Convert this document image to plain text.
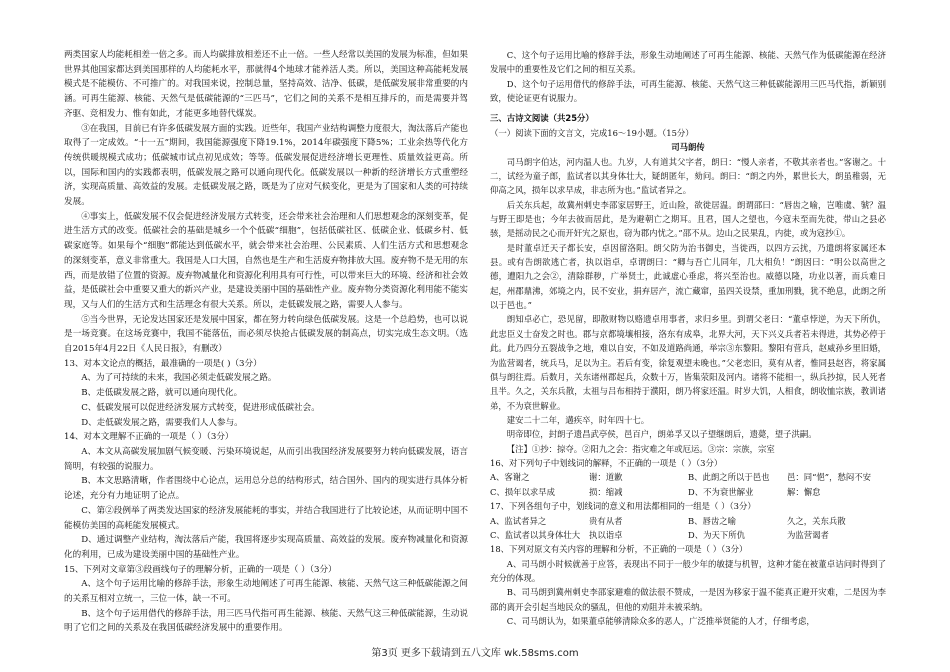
两类国家人均能耗相差一倍之多。而人均碳排放相差还不止一倍。一些人经常以美国的发展为标准，但如果世界其他国家都达到美国那样的人均能耗水平，那就得4个地球才能养活人类。所以，美国这种高能耗发展模式是不能模仿、不可推广的。对我国来说，控制总量，坚持高效、洁净、低碳，是低碳发展非常重要的内涵。可再生能源、核能、天然气是低碳能源的“三匹马”，它们之间的关系不是相互排斥的，而是需要并驾齐驱、竞相发力、惟有如此，才能更多地替代煤炭。

③在我国，目前已有许多低碳发展方面的实践。近些年，我国产业结构调整力度很大，淘汰落后产能也取得了一定成效。“十一五”期间，我国能源强度下降19.1%，2014年碳强度下降5%；工业余热等代化方传统供暖规模式成功；低碳城市试点初见成效；等等。低碳发展促进经济增长更理性、质量效益更高。所以，国际和国内的实践都表明，低碳发展之路可以通向现代化。低碳发展以一种新的经济增长方式重塑经济，实现高质量、高效益的发展。走低碳发展之路，既是为了应对气候变化，更是为了国家和人类的可持续发展。

④事实上，低碳发展不仅会促进经济发展方式转变，还会带来社会治理和人们思想观念的深刻变革，促进生活方式的改变。低碳社会的基础是城乡一个个低碳“细胞”，包括低碳社区、低碳企业、低碳乡村、低碳家庭等。如果每个“细胞”都能达到低碳水平，就会带来社会治理、公民素质、人们生活方式和思想观念的深刻变革，意义非常重大。我国是人口大国，自然也是生产和生活废弃物排放大国。废弃物不是无用的东西，而是放错了位置的资源。废弃物减量化和资源化利用具有可行性，可以带来巨大的环境、经济和社会效益，是低碳社会中重要又重大的新兴产业，是建设美丽中国的基础性产业。废弃物分类资源化利用能不能实现，又与人们的生活方式和生活理念有很大关系。所以，走低碳发展之路，需要人人参与。

⑤当今世界，无论发达国家还是发展中国家，都在努力转向绿色低碳发展。这是一个总趋势，也可以说是一场竞赛。在这场竞赛中，我国不能落伍，而必须尽快抢占低碳发展的制高点，切实完成生态文明。（选自2015年4月22日《人民日报》，有删改）

13、对本文论点的概括，最准确的一项是( )（3分）

A、为了可持续的未来，我国必须走低碳发展之路。

B、走低碳发展之路，就可以通向现代化。

C、低碳发展可以促进经济发展方式转变，促进形成低碳社会。

D、走低碳发展之路，需要我们人人参与。

14、对本文理解不正确的一项是（ ）（3分）

A、本文从高碳发展加剧气候变暖、污染环境说起，从而引出我国经济发展要努力转向低碳发展，语言简明，有较强的说服力。

B、本文思路清晰，作者围绕中心论点，运用总分总的结构形式，结合国外、国内的现实进行具体分析论述，充分有力地证明了论点。

C、第②段例举了两类发达国家的经济发展能耗的事实，并结合我国进行了比较论述，从而证明中国不能模仿美国的高耗能发展模式。

D、通过调整产业结构，淘汰落后产能，我国将逐步实现高质量、高效益的发展。废弃物减量化和资源化的利用，已成为建设美丽中国的基础性产业。

15、下列对文章第③段画线句子的理解分析，正确的一项是（ ）（3分）

A、这个句子运用比喻的修辞手法，形象生动地阐述了可再生能源、核能、天然气这三种低碳能源之间的关系互相对立统一，三位一体，缺一不可。

B、这个句子运用借代的修辞手法，用三匹马代指可再生能源、核能、天然气这三种低碳能源，生动说明了它们之间的关系及在我国低碳经济发展中的重要作用。

C、这个句子运用比喻的修辞手法，形象生动地阐述了可再生能源、核能、天然气作为低碳能源在经济发展中的重要性及它们之间的相互关系。

D、这个句子运用借代的修辞手法，可再生能源、核能、天然气这三种低碳能源用三匹马代指，新颖别致，使论证更有说服力。

三、古诗文阅读（共25分）

（一）阅读下面的文言文，完成16～19小题。（15分）

司马朗传

司马朗字伯达，河内温人也。九岁，人有道其父字者，朗曰：“慢人亲者，不敬其亲者也。”客谢之。十二，试经为童子郎，监试者以其身体壮大，疑朗匿年，劾问。朗曰：“朗之内外，累世长大，朗虽稚弱，无仰高之风，损年以求早成，非志所为也。”监试者异之。

后关东兵起，故冀州刺史李邵家居野王，近山险，欲徙居温。朗谓邵曰：“唇齿之喻，岂唯虞、虢？温与野王即是也；今年去彼而居此，是为避朝亡之期耳。且君，国人之望也，今寇未至而先徙，带山之县必骇，是摇动民之心而开奸宄之原也，窃为郡内忧之。”邵不从。边山之民果乱，内徙，或为寇抄①。

是时董卓迁天子都长安，卓因留洛阳。朗父防为治书御史，当徙西，以四方云扰，乃遣朗将家属还本县。或有告朗欲逃亡者，执以诣卓，卓谓朗曰：“卿与吾亡儿同年，几大相负！”朗因曰：“明公以高世之德，遭阳九之会②，清除群秽，广举贤士，此诚虚心垂虑，将兴至治也。威德以隆，功业以著，而兵难日起，州郡鼎沸，郊境之内，民不安业，捐弃居产，流亡藏窜，虽四关设禁，重加刑戮，犹不绝息，此朗之所以于邑也。”

朗知卓必亡，恐见留，即散财物以赂遗卓用事者，求归乡里。到谓父老曰：“董卓悖逆，为天下所仇，此忠臣义士奋发之时也。郡与京都境壤相接，洛东有成皋，北界大河，天下兴义兵者若未得进，其势必停于此。此乃四分五裂战争之地，难以自安，不如及道路尚通，举宗③东黎阳。黎阳有营兵，赵威孙乡里旧婚，为监营谒者，统兵马，足以为主。若后有变，徐复观望未晚也。”父老恋旧，莫有从者，惟同县赵咨，将家属俱与朗往焉。后数月，关东诸州郡起兵，众数十万，皆集荥阳及河内。诸将不能相一，纵兵抄掠，民人死者且半。久之，关东兵散，太祖与吕布相持于濮阳，朗乃将家还温。时岁大饥，人相食，朗收恤宗族，教训诸弟，不为衰世解业。

建安二十二年，遘疾卒，时年四十七。

明帝即位，封朗子遗昌武亭侯，邑百户，朗弟孚又以子望继朗后，遗薨，望子洪嗣。

【注】①抄：掠夺。②阳九之会：指灾难之年或厄运。③宗：宗族，宗室

16、对下列句子中划线词的解释，不正确的一项是（ ）（3分）

A、客谢之	谢：道歉	B、此朗之所以于邑也	邑：同“悒”，愁闷不安
C、损年以求早成	损：缩减	D、不为衰世解业	解：懈怠

17、下列各组句子中，划线词的意义和用法都相同的一组是（ ）（3分）

A、监试者异之	贵有从者	B、唇齿之喻	久之，关东兵散
C、监试者以其身体壮大	执以诣卓	D、为天下所仇	为监营谒者

18、下列对原文有关内容的理解和分析，不正确的一项是（ ）（3分）

A、司马朗小时候就善于应答，表现出不同于一般少年的敏捷与机智，这种才能在被董卓诘问时得到了充分的体现。

B、司马朗到冀州刺史李邵家避难的做法很不赞成，一是因为移家于温不能真正避开灾难，二是因为李邵的离开会引起当地民众的骚乱，但他的劝阻并未被采纳。

C、司马朗认为，如果董卓能够清除众多的恶人，广泛推举贤能的人才，仔细考虑，

第3页 更多下载请到五八文库 wk.58sms.com
